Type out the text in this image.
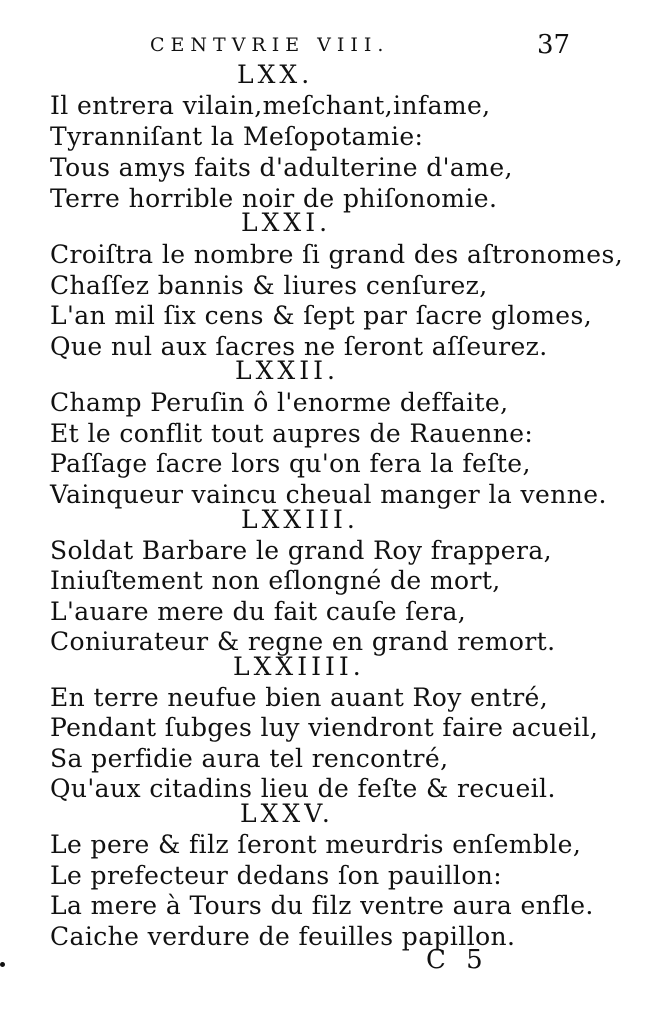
CENTVRIE VIII.	37
LXX.
Il entrera vilain,meſchant,infame,
Tyranniſant la Meſopotamie:
Tous amys faits d'adulterine d'ame,
Terre horrible noir de phiſonomie.
LXXI.
Croiſtra le nombre ſi grand des aſtronomes,
Chaſſez bannis & liures cenſurez,
L'an mil ſix cens & ſept par ſacre glomes,
Que nul aux ſacres ne ſeront aſſeurez.
LXXII.
Champ Peruſin ô l'enorme deffaite,
Et le conflit tout aupres de Rauenne:
Paſſage ſacre lors qu'on fera la feſte,
Vainqueur vaincu cheual manger la venne.
LXXIII.
Soldat Barbare le grand Roy frappera,
Iniuſtement non eſlongné de mort,
L'auare mere du fait cauſe ſera,
Coniurateur & regne en grand remort.
LXXIIII.
En terre neufue bien auant Roy entré,
Pendant ſubges luy viendront faire acueil,
Sa perfidie aura tel rencontré,
Qu'aux citadins lieu de feſte & recueil.
LXXV.
Le pere & filz ſeront meurdris enſemble,
Le prefecteur dedans ſon pauillon:
La mere à Tours du filz ventre aura enfle.
Caiche verdure de feuilles papillon.
C 5
